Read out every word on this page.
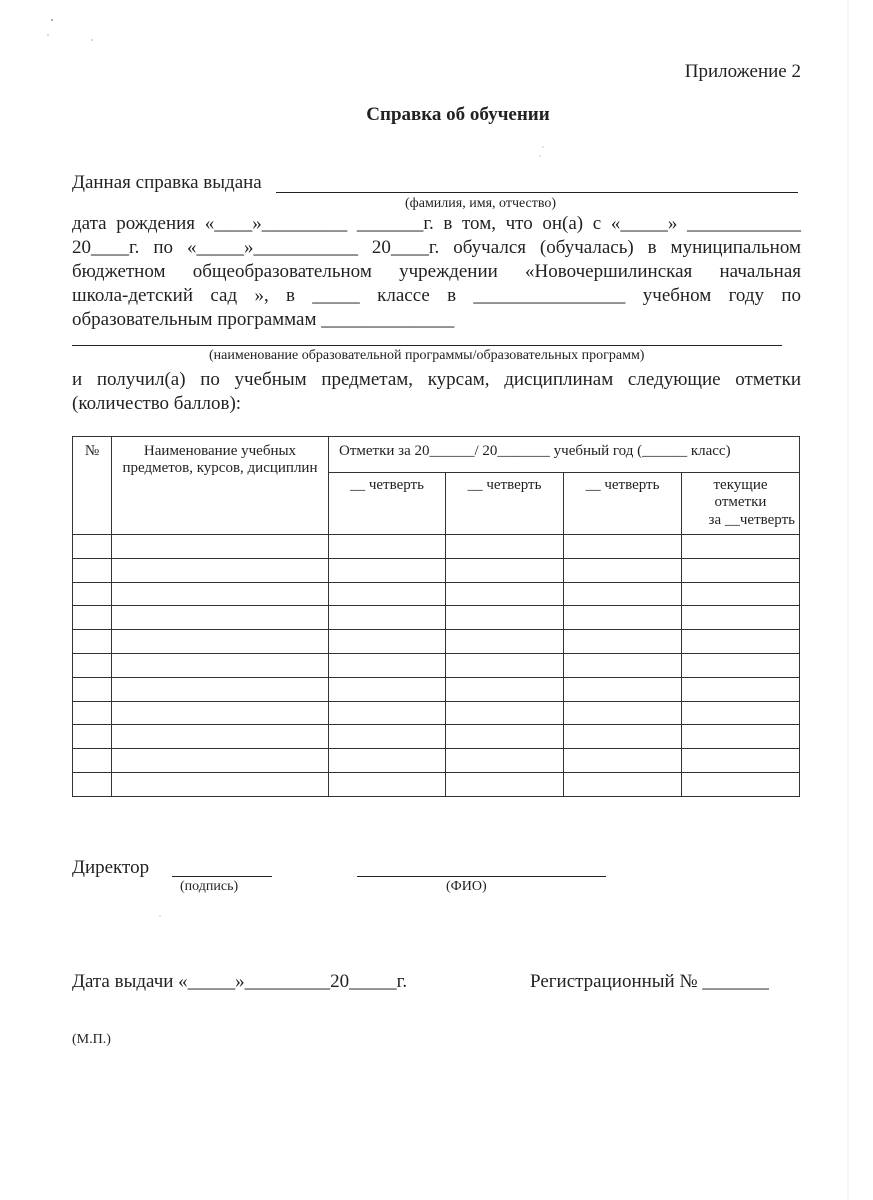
Приложение 2
Справка об обучении
Данная справка выдана
(фамилия, имя, отчество)
дата рождения «____»_________ _______г. в том, что он(а) с «_____» ____________
20____г. по «_____»___________ 20____г. обучался (обучалась) в муниципальном
бюджетном общеобразовательном учреждении «Новочершилинская начальная
школа-детский сад », в _____ классе в ________________ учебном году по
образовательным программам ______________
(наименование образовательной программы/образовательных программ)
и получил(а) по учебным предметам, курсам, дисциплинам следующие отметки
(количество баллов):
№	Наименование учебных предметов, курсов, дисциплин	Отметки за 20______/ 20_______ учебный год (______ класс)			
		__ четверть	__ четверть	__ четверть	текущие
отметки
за __четверть

Директор
(подпись)	(ФИО)
Дата выдачи «_____»_________20_____г.	Регистрационный № _______
(М.П.)
